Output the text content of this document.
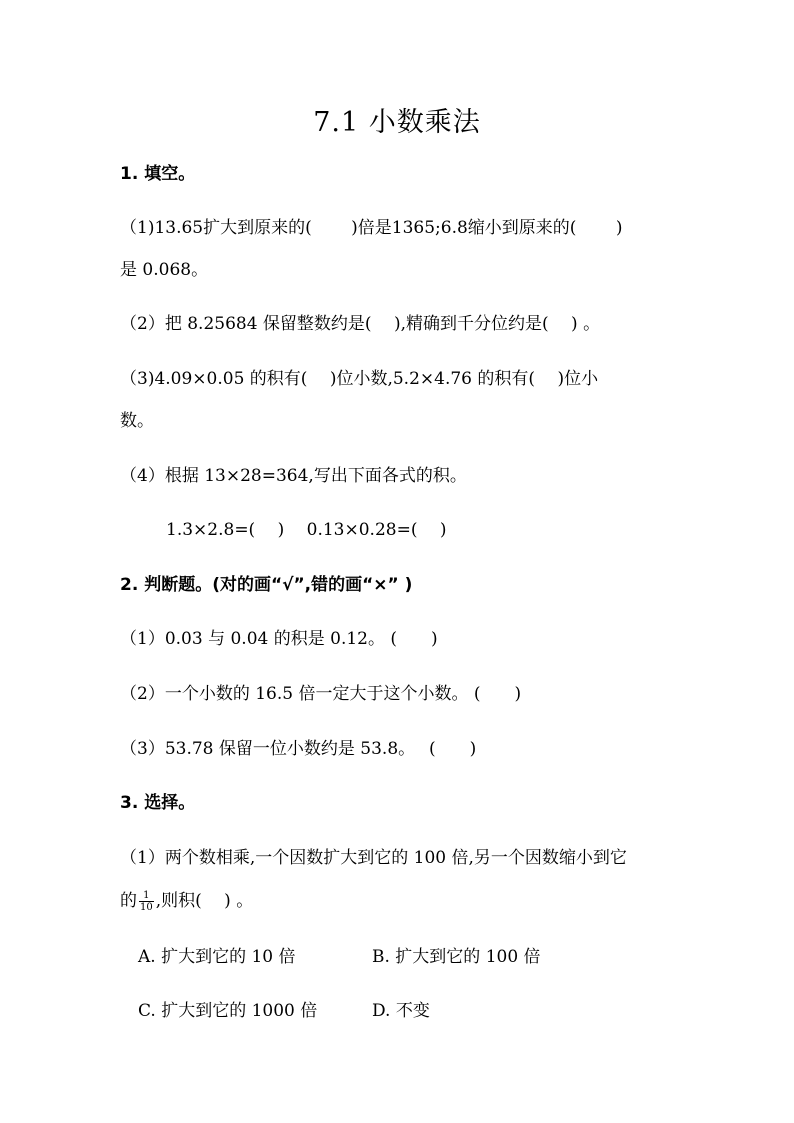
7.1 小数乘法
1. 填空。
（1)13.65扩大到原来的(　　 )倍是1365;6.8缩小到原来的(　　 )
是 0.068。
（2）把 8.25684 保留整数约是(　 ),精确到千分位约是(　 ) 。
（3)4.09×0.05 的积有(　 )位小数,5.2×4.76 的积有(　 )位小
数。
（4）根据 13×28=364,写出下面各式的积。
1.3×2.8=(　 )　 0.13×0.28=(　 )
2. 判断题。(对的画“√”,错的画“×” )
（1）0.03 与 0.04 的积是 0.12。 (　　)
（2）一个小数的 16.5 倍一定大于这个小数。 (　　)
（3）53.78 保留一位小数约是 53.8。　 (　　)
3. 选择。
（1）两个数相乘,一个因数扩大到它的 100 倍,另一个因数缩小到它
的 $\frac{1}{10}$ ,则积(　 ) 。
A. 扩大到它的 10 倍	B. 扩大到它的 100 倍
C. 扩大到它的 1000 倍	D. 不变
